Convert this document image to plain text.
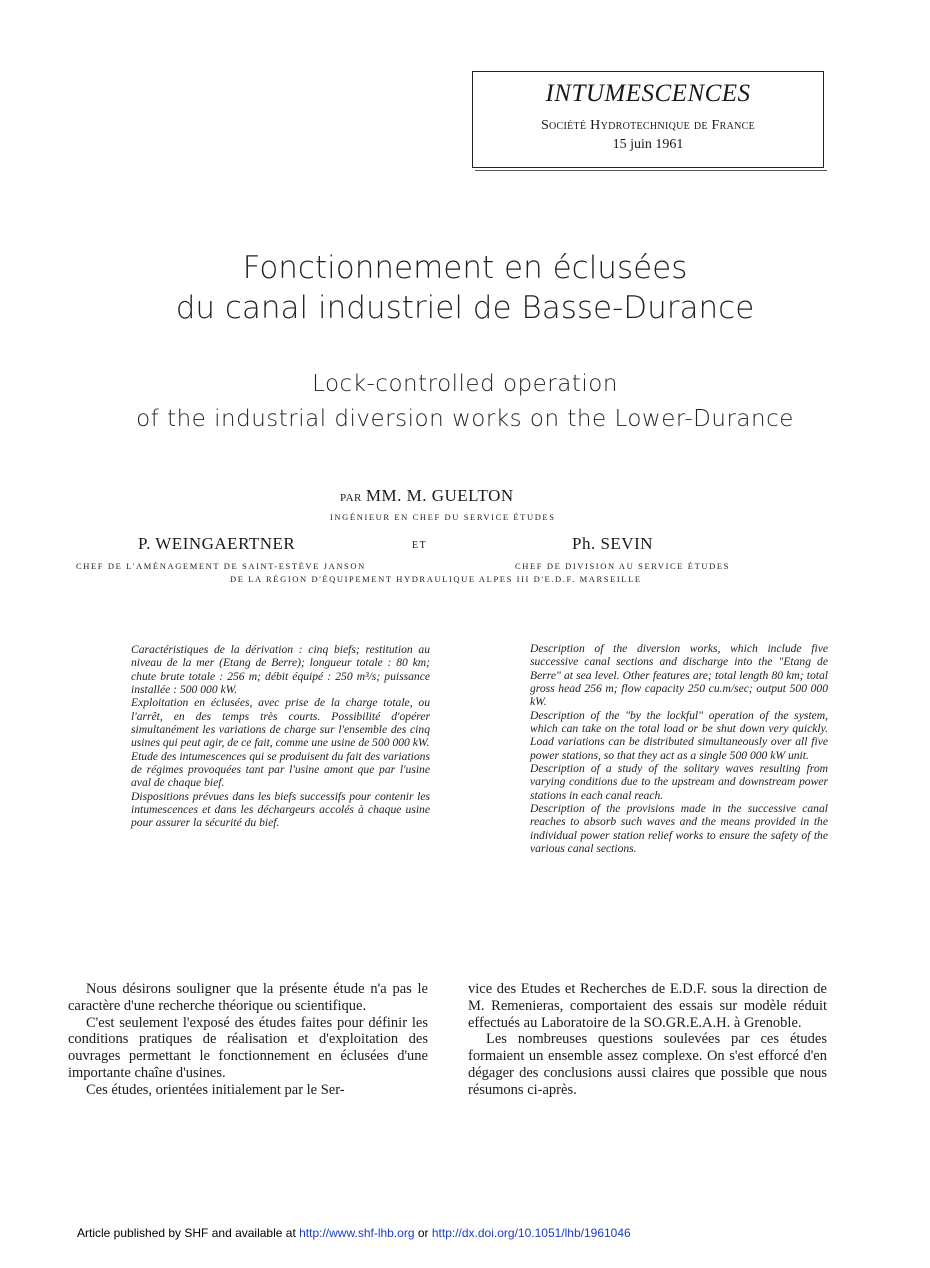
INTUMESCENCES
Société Hydrotechnique de France
15 juin 1961
Fonctionnement en éclusées
du canal industriel de Basse-Durance
Lock-controlled operation
of the industrial diversion works on the Lower-Durance
PAR MM. M. GUELTON
INGÉNIEUR EN CHEF DU SERVICE ÉTUDES
P. WEINGAERTNER	ET	Ph. SEVIN
CHEF DE L'AMÉNAGEMENT DE SAINT-ESTÈVE JANSON
DE LA RÉGION D'ÉQUIPEMENT HYDRAULIQUE ALPES III D'E.D.F. MARSEILLE
CHEF DE DIVISION AU SERVICE ÉTUDES

Caractéristiques de la dérivation : cinq biefs; restitution au niveau de la mer (Etang de Berre); longueur totale : 80 km; chute brute totale : 256 m; débit équipé : 250 m³/s; puissance installée : 500 000 kW.

Exploitation en éclusées, avec prise de la charge totale, ou l'arrêt, en des temps très courts. Possibilité d'opérer simultanément les variations de charge sur l'ensemble des cinq usines qui peut agir, de ce fait, comme une usine de 500 000 kW.

Etude des intumescences qui se produisent du fait des variations de régimes provoquées tant par l'usine amont que par l'usine aval de chaque bief.

Dispositions prévues dans les biefs successifs pour contenir les intumescences et dans les déchargeurs accolés à chaque usine pour assurer la sécurité du bief.

Description of the diversion works, which include five successive canal sections and discharge into the "Etang de Berre" at sea level. Other features are; total length 80 km; total gross head 256 m; flow capacity 250 cu.m/sec; output 500 000 kW.

Description of the "by the lockful" operation of the system, which can take on the total load or be shut down very quickly. Load variations can be distributed simultaneously over all five power stations, so that they act as a single 500 000 kW unit.

Description of a study of the solitary waves resulting from varying conditions due to the upstream and downstream power stations in each canal reach.

Description of the provisions made in the successive canal reaches to absorb such waves and the means provided in the individual power station relief works to ensure the safety of the various canal sections.

Nous désirons souligner que la présente étude n'a pas le caractère d'une recherche théorique ou scientifique.

C'est seulement l'exposé des études faites pour définir les conditions pratiques de réalisation et d'exploitation des ouvrages permettant le fonctionnement en éclusées d'une importante chaîne d'usines.

Ces études, orientées initialement par le Ser-

vice des Etudes et Recherches de E.D.F. sous la direction de M. Remenieras, comportaient des essais sur modèle réduit effectués au Laboratoire de la SO.GR.E.A.H. à Grenoble.

Les nombreuses questions soulevées par ces études formaient un ensemble assez complexe. On s'est efforcé d'en dégager des conclusions aussi claires que possible que nous résumons ci-après.

Article published by SHF and available at http://www.shf-lhb.org or http://dx.doi.org/10.1051/lhb/1961046
